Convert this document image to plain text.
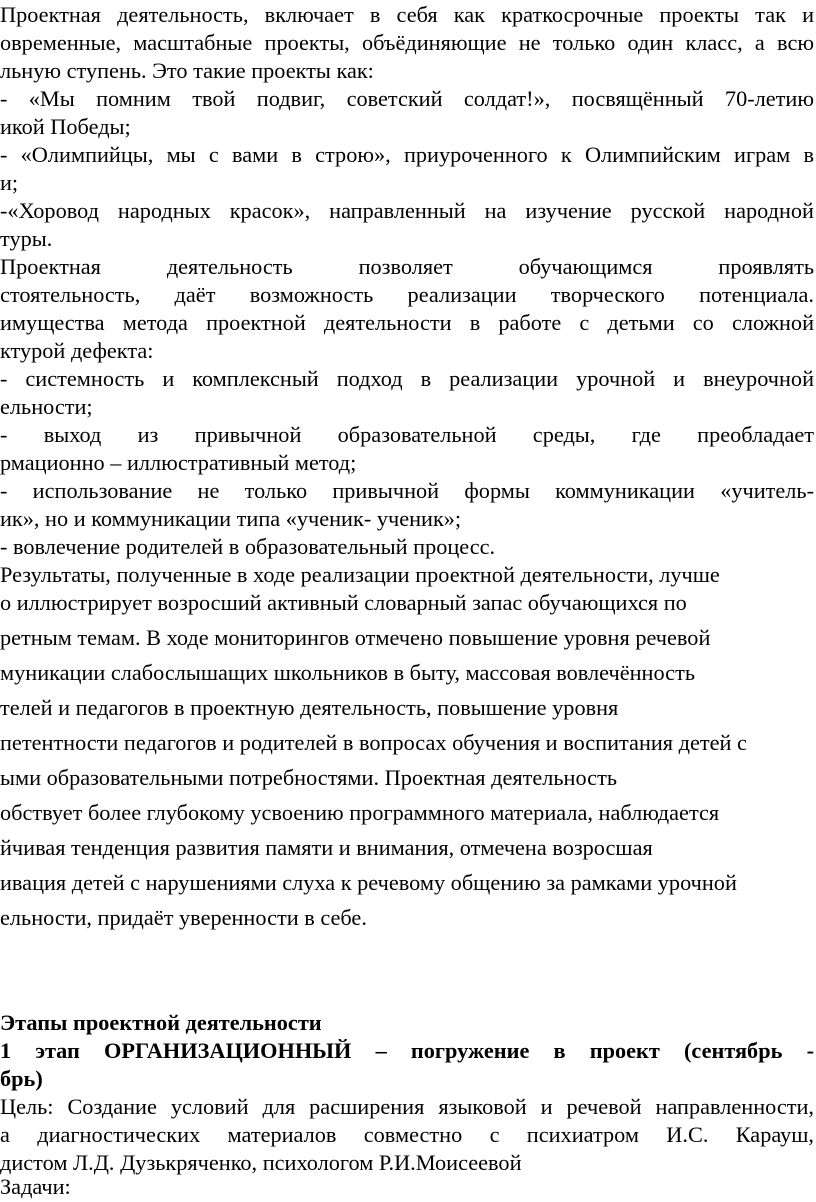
Проектная деятельность, включает в себя как краткосрочные проекты так и
овременные, масштабные проекты, объёдиняющие не только один класс, а всю
льную ступень. Это такие проекты как:
- «Мы помним твой подвиг, советский солдат!», посвящённый 70-летию
икой Победы;
- «Олимпийцы, мы с вами в строю», приуроченного к Олимпийским играм в
и;
-«Хоровод народных красок», направленный на изучение русской народной
туры.
Проектная деятельность позволяет обучающимся проявлять
стоятельность, даёт возможность реализации творческого потенциала.
имущества метода проектной деятельности в работе с детьми со сложной
ктурой дефекта:
- системность и комплексный подход в реализации урочной и внеурочной
ельности;
- выход из привычной образовательной среды, где преобладает
рмационно – иллюстративный метод;
- использование не только привычной формы коммуникации «учитель-
ик», но и коммуникации типа «ученик- ученик»;
- вовлечение родителей в образовательный процесс.
Результаты, полученные в ходе реализации проектной деятельности, лучше
о иллюстрирует возросший активный словарный запас обучающихся по
ретным темам. В ходе мониторингов отмечено повышение уровня речевой
муникации слабослышащих школьников в быту, массовая вовлечённость
телей и педагогов в проектную деятельность, повышение уровня
петентности педагогов и родителей в вопросах обучения и воспитания детей с
ыми образовательными потребностями. Проектная деятельность
обствует более глубокому усвоению программного материала, наблюдается
йчивая тенденция развития памяти и внимания, отмечена возросшая
ивация детей с нарушениями слуха к речевому общению за рамками урочной
ельности, придаёт уверенности в себе.
Этапы проектной деятельности
1 этап ОРГАНИЗАЦИОННЫЙ – погружение в проект (сентябрь -
брь)
Цель: Создание условий для расширения языковой и речевой направленности,
а диагностических материалов совместно с психиатром И.С. Карауш,
дистом Л.Д. Дузькряченко, психологом Р.И.Моисеевой
Задачи:
